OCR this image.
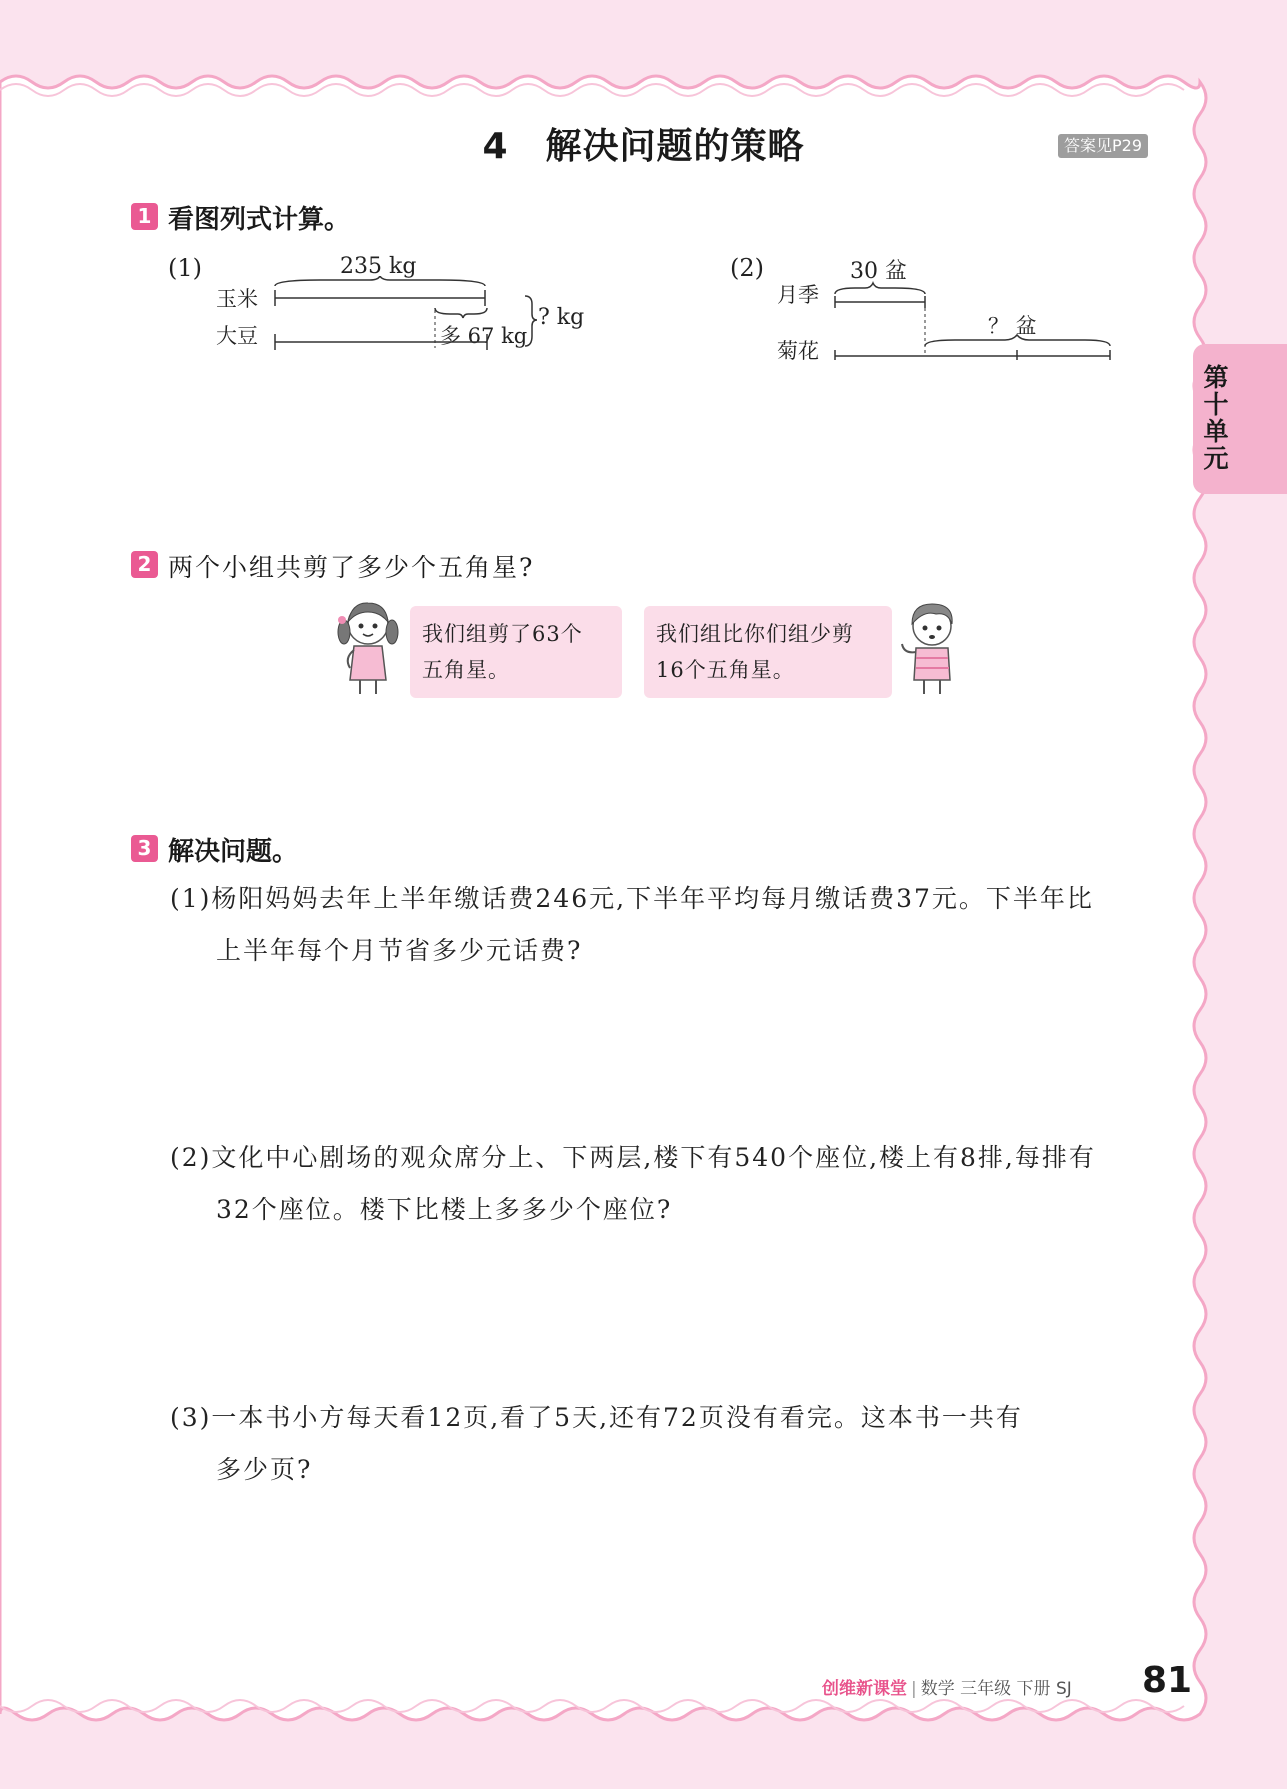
4　解决问题的策略	答案见P29
第十单元
1 看图列式计算。
(1)	235 kg
玉米
大豆	多 67 kg
? kg
(2)	30 盆
月季
菊花
？ 盆
2 两个小组共剪了多少个五角星?
我们组剪了63个
五角星。
我们组比你们组少剪
16个五角星。
3 解决问题。
(1)杨阳妈妈去年上半年缴话费246元,下半年平均每月缴话费37元。下半年比
上半年每个月节省多少元话费?
(2)文化中心剧场的观众席分上、下两层,楼下有540个座位,楼上有8排,每排有
32个座位。楼下比楼上多多少个座位?
(3)一本书小方每天看12页,看了5天,还有72页没有看完。这本书一共有
多少页?
创维新课堂 | 数学 三年级 下册 SJ 81
